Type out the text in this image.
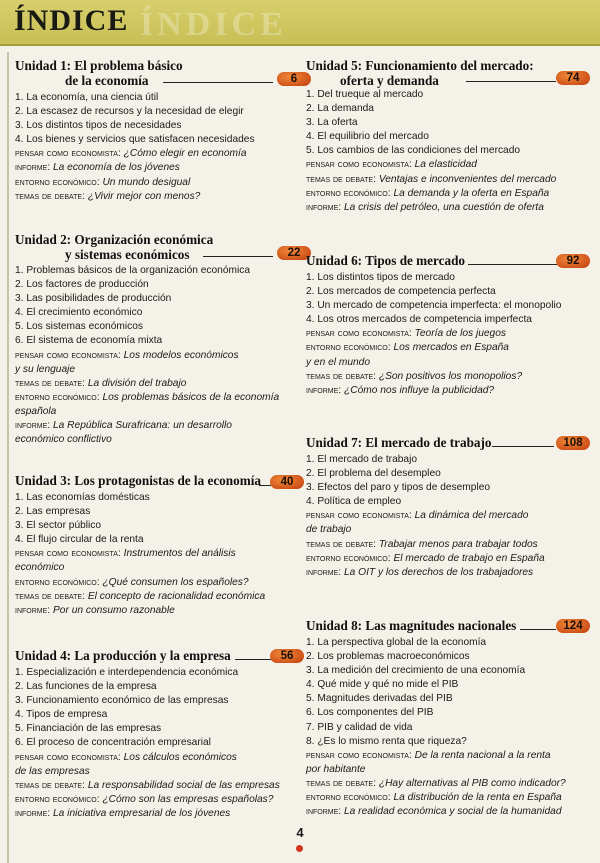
ÍNDICE
ÍNDICE
Unidad 1: El problema básico
de la economía	6
1. La economía, una ciencia útil
2. La escasez de recursos y la necesidad de elegir
3. Los distintos tipos de necesidades
4. Los bienes y servicios que satisfacen necesidades
pensar como economista: ¿Cómo elegir en economía
informe: La economía de los jóvenes
entorno económico: Un mundo desigual
temas de debate: ¿Vivir mejor con menos?
Unidad 2: Organización económica
y sistemas económicos	22
1. Problemas básicos de la organización económica
2. Los factores de producción
3. Las posibilidades de producción
4. El crecimiento económico
5. Los sistemas económicos
6. El sistema de economía mixta
pensar como economista: Los modelos económicos
y su lenguaje
temas de debate: La división del trabajo
entorno económico: Los problemas básicos de la economía
española
informe: La República Surafricana: un desarrollo
económico conflictivo
Unidad 3: Los protagonistas de la economía	40
1. Las economías domésticas
2. Las empresas
3. El sector público
4. El flujo circular de la renta
pensar como economista: Instrumentos del análisis
económico
entorno económico: ¿Qué consumen los españoles?
temas de debate: El concepto de racionalidad económica
informe: Por un consumo razonable
Unidad 4: La producción y la empresa	56
1. Especialización e interdependencia económica
2. Las funciones de la empresa
3. Funcionamiento económico de las empresas
4. Tipos de empresa
5. Financiación de las empresas
6. El proceso de concentración empresarial
pensar como economista: Los cálculos económicos
de las empresas
temas de debate: La responsabilidad social de las empresas
entorno económico: ¿Cómo son las empresas españolas?
informe: La iniciativa empresarial de los jóvenes
Unidad 5: Funcionamiento del mercado:
oferta y demanda	74
1. Del trueque al mercado
2. La demanda
3. La oferta
4. El equilibrio del mercado
5. Los cambios de las condiciones del mercado
pensar como economista: La elasticidad
temas de debate: Ventajas e inconvenientes del mercado
entorno económico: La demanda y la oferta en España
informe: La crisis del petróleo, una cuestión de oferta
Unidad 6: Tipos de mercado	92
1. Los distintos tipos de mercado
2. Los mercados de competencia perfecta
3. Un mercado de competencia imperfecta: el monopolio
4. Los otros mercados de competencia imperfecta
pensar como economista: Teoría de los juegos
entorno económico: Los mercados en España
y en el mundo
temas de debate: ¿Son positivos los monopolios?
informe: ¿Cómo nos influye la publicidad?
Unidad 7: El mercado de trabajo	108
1. El mercado de trabajo
2. El problema del desempleo
3. Efectos del paro y tipos de desempleo
4. Política de empleo
pensar como economista: La dinámica del mercado
de trabajo
temas de debate: Trabajar menos para trabajar todos
entorno económico: El mercado de trabajo en España
informe: La OIT y los derechos de los trabajadores
Unidad 8: Las magnitudes nacionales	124
1. La perspectiva global de la economía
2. Los problemas macroeconómicos
3. La medición del crecimiento de una economía
4. Qué mide y qué no mide el PIB
5. Magnitudes derivadas del PIB
6. Los componentes del PIB
7. PIB y calidad de vida
8. ¿Es lo mismo renta que riqueza?
pensar como economista: De la renta nacional a la renta
por habitante
temas de debate: ¿Hay alternativas al PIB como indicador?
entorno económico: La distribución de la renta en España
informe: La realidad económica y social de la humanidad
4
